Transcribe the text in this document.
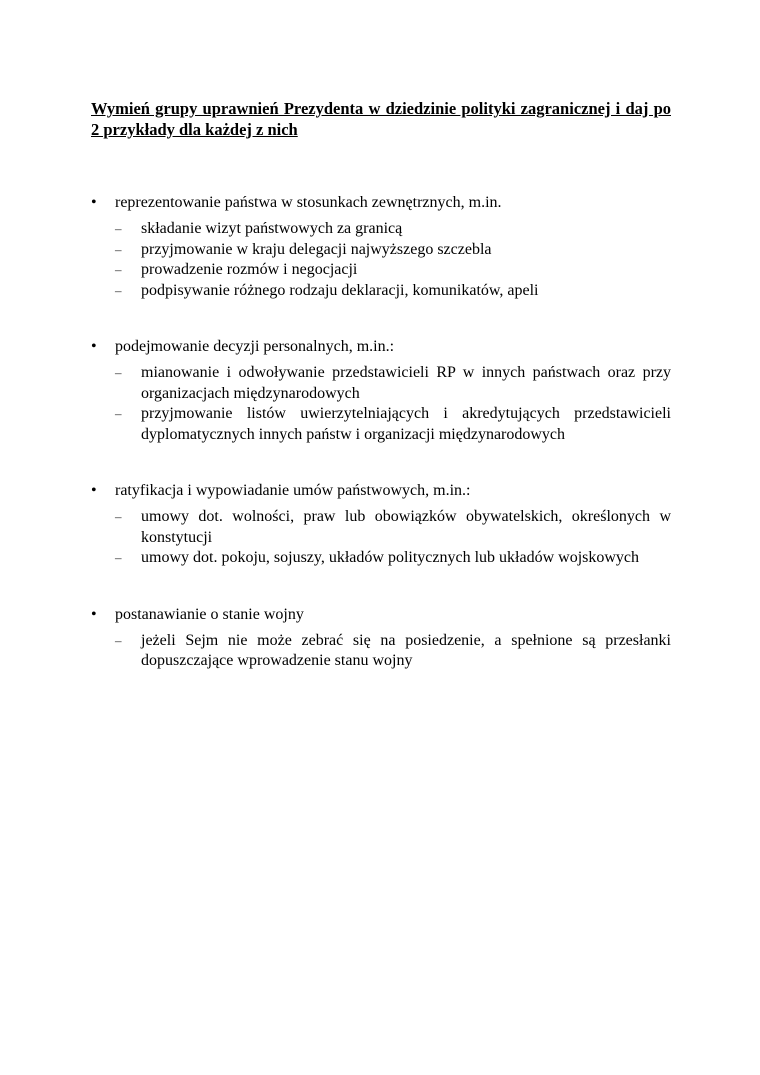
Wymień grupy uprawnień Prezydenta w dziedzinie polityki zagranicznej i daj po 2 przykłady dla każdej z nich

• reprezentowanie państwa w stosunkach zewnętrznych, m.in.
– składanie wizyt państwowych za granicą
– przyjmowanie w kraju delegacji najwyższego szczebla
– prowadzenie rozmów i negocjacji
– podpisywanie różnego rodzaju deklaracji, komunikatów, apeli
• podejmowanie decyzji personalnych, m.in.:
– mianowanie i odwoływanie przedstawicieli RP w innych państwach oraz przy organizacjach międzynarodowych
– przyjmowanie listów uwierzytelniających i akredytujących przedstawicieli dyplomatycznych innych państw i organizacji międzynarodowych
• ratyfikacja i wypowiadanie umów państwowych, m.in.:
– umowy dot. wolności, praw lub obowiązków obywatelskich, określonych w konstytucji
– umowy dot. pokoju, sojuszy, układów politycznych lub układów wojskowych
• postanawianie o stanie wojny
– jeżeli Sejm nie może zebrać się na posiedzenie, a spełnione są przesłanki dopuszczające wprowadzenie stanu wojny
